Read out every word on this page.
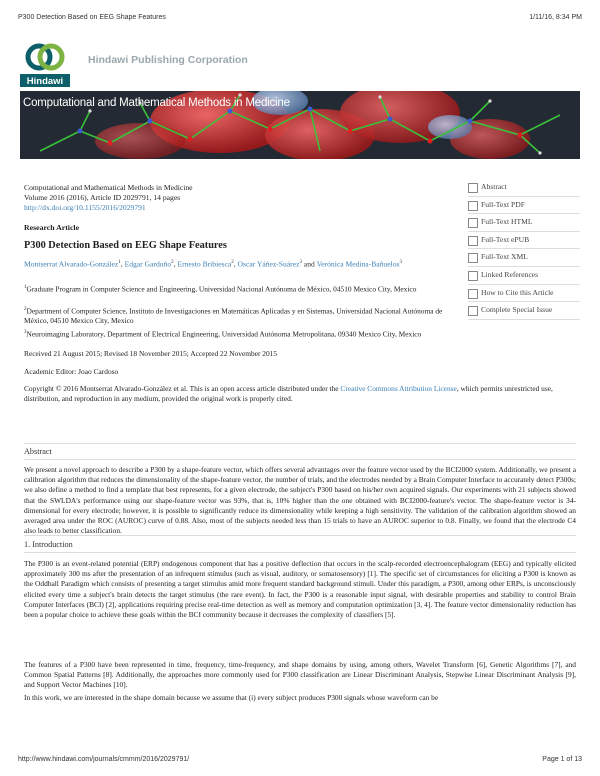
P300 Detection Based on EEG Shape Features	1/11/16, 8:34 PM
Hindawi
Hindawi Publishing Corporation
Computational and Mathematical Methods in Medicine
Computational and Mathematical Methods in Medicine
Volume 2016 (2016), Article ID 2029791, 14 pages
http://dx.doi.org/10.1155/2016/2029791
Research Article
P300 Detection Based on EEG Shape Features
Montserrat Alvarado-González$^1$, Edgar Garduño$^2$, Ernesto Bribiesca$^2$, Oscar Yáñez-Suárez$^3$ and Verónica Medina-Bañuelos$^3$
$^1$Graduate Program in Computer Science and Engineering, Universidad Nacional Autónoma de México, 04510 Mexico City, Mexico
$^2$Department of Computer Science, Instituto de Investigaciones en Matemáticas Aplicadas y en Sistemas, Universidad Nacional Autónoma de México, 04510 Mexico City, Mexico
$^3$Neuroimaging Laboratory, Department of Electrical Engineering, Universidad Autónoma Metropolitana, 09340 Mexico City, Mexico
Received 21 August 2015; Revised 18 November 2015; Accepted 22 November 2015
Academic Editor: Joao Cardoso
Copyright © 2016 Montserrat Alvarado-González et al. This is an open access article distributed under the Creative Commons Attribution License, which permits unrestricted use, distribution, and reproduction in any medium, provided the original work is properly cited.
Abstract
Full-Text PDF
Full-Text HTML
Full-Text ePUB
Full-Text XML
Linked References
How to Cite this Article
Complete Special Issue
Abstract
We present a novel approach to describe a P300 by a shape-feature vector, which offers several advantages over the feature vector used by the BCI2000 system. Additionally, we present a calibration algorithm that reduces the dimensionality of the shape-feature vector, the number of trials, and the electrodes needed by a Brain Computer Interface to accurately detect P300s; we also define a method to find a template that best represents, for a given electrode, the subject's P300 based on his/her own acquired signals. Our experiments with 21 subjects showed that the SWLDA's performance using our shape-feature vector was 93%, that is, 10% higher than the one obtained with BCI2000-feature's vector. The shape-feature vector is 34-dimensional for every electrode; however, it is possible to significantly reduce its dimensionality while keeping a high sensitivity. The validation of the calibration algorithm showed an averaged area under the ROC (AUROC) curve of 0.88. Also, most of the subjects needed less than 15 trials to have an AUROC superior to 0.8. Finally, we found that the electrode C4 also leads to better classification.
1. Introduction
The P300 is an event-related potential (ERP) endogenous component that has a positive deflection that occurs in the scalp-recorded electroencephalogram (EEG) and typically elicited approximately 300 ms after the presentation of an infrequent stimulus (such as visual, auditory, or somatosensory) [1]. The specific set of circumstances for eliciting a P300 is known as the Oddball Paradigm which consists of presenting a target stimulus amid more frequent standard background stimuli. Under this paradigm, a P300, among other ERPs, is unconsciously elicited every time a subject's brain detects the target stimulus (the rare event). In fact, the P300 is a reasonable input signal, with desirable properties and stability to control Brain Computer Interfaces (BCI) [2], applications requiring precise real-time detection as well as memory and computation optimization [3, 4]. The feature vector dimensionality reduction has been a popular choice to achieve these goals within the BCI community because it decreases the complexity of classifiers [5].
The features of a P300 have been represented in time, frequency, time-frequency, and shape domains by using, among others, Wavelet Transform [6], Genetic Algorithms [7], and Common Spatial Patterns [8]. Additionally, the approaches more commonly used for P300 classification are Linear Discriminant Analysis, Stepwise Linear Discriminant Analysis [9], and Support Vector Machines [10].
In this work, we are interested in the shape domain because we assume that (i) every subject produces P300 signals whose waveform can be
http://www.hindawi.com/journals/cmmm/2016/2029791/	Page 1 of 13
